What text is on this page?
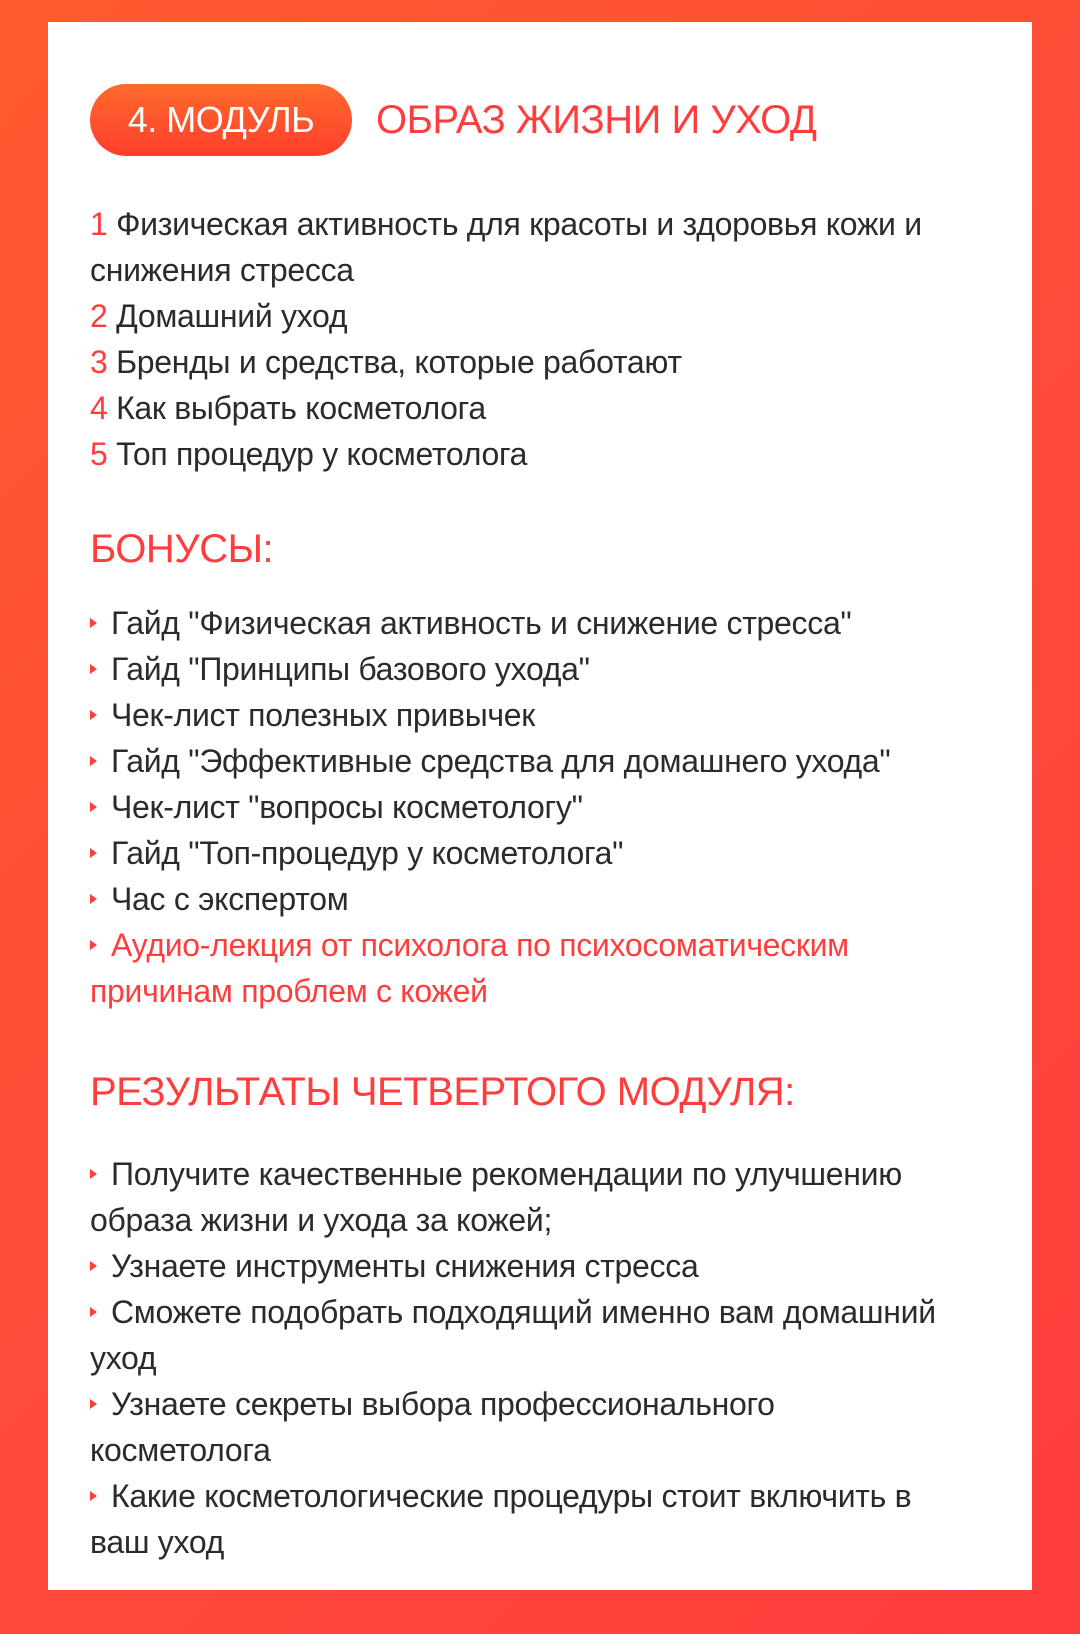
4. МОДУЛЬ	ОБРАЗ ЖИЗНИ И УХОД
1 Физическая активность для красоты и здоровья кожи и снижения стресса
2 Домашний уход
3 Бренды и средства, которые работают
4 Как выбрать косметолога
5 Топ процедур у косметолога
БОНУСЫ:
Гайд "Физическая активность и снижение стресса"
Гайд "Принципы базового ухода"
Чек-лист полезных привычек
Гайд "Эффективные средства для домашнего ухода"
Чек-лист "вопросы косметологу"
Гайд "Топ-процедур у косметолога"
Час с экспертом
Аудио-лекция от психолога по психосоматическим причинам проблем с кожей
РЕЗУЛЬТАТЫ ЧЕТВЕРТОГО МОДУЛЯ:
Получите качественные рекомендации по улучшению образа жизни и ухода за кожей;
Узнаете инструменты снижения стресса
Сможете подобрать подходящий именно вам домашний уход
Узнаете секреты выбора профессионального косметолога
Какие косметологические процедуры стоит включить в ваш уход
